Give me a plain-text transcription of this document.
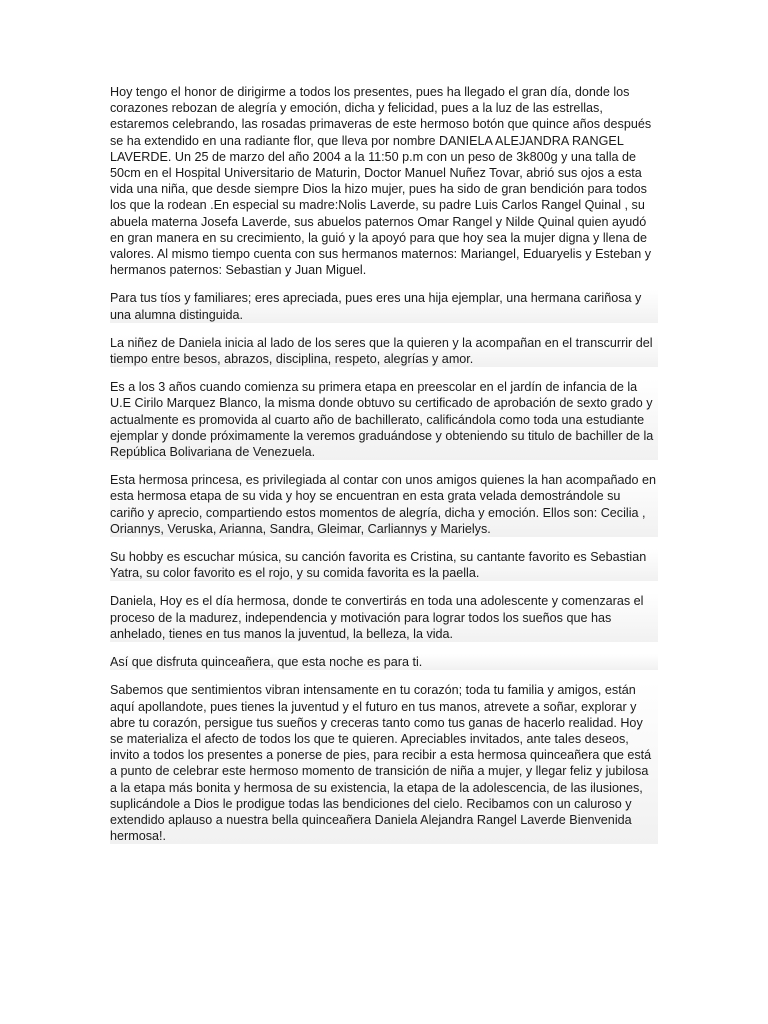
Hoy tengo el honor de dirigirme a todos los presentes, pues ha llegado el gran día, donde los corazones rebozan de alegría y emoción, dicha y felicidad, pues a la luz de las estrellas, estaremos celebrando, las rosadas primaveras de este hermoso botón que quince años después se ha extendido en una radiante flor, que lleva por nombre DANIELA ALEJANDRA RANGEL LAVERDE. Un 25 de marzo del año 2004 a la 11:50 p.m con un peso de 3k800g y una talla de 50cm en el Hospital Universitario de Maturin, Doctor Manuel Nuñez Tovar, abrió sus ojos a esta vida una niña, que desde siempre Dios la hizo mujer, pues ha sido de gran bendición para todos los que la rodean .En especial su madre:Nolis Laverde, su padre Luis Carlos Rangel Quinal , su abuela materna Josefa Laverde, sus abuelos paternos Omar Rangel y Nilde Quinal quien ayudó en gran manera en su crecimiento, la guió y la apoyó para que hoy sea la mujer digna y llena de valores. Al mismo tiempo cuenta con sus hermanos maternos: Mariangel, Eduaryelis y Esteban y hermanos paternos: Sebastian y Juan Miguel.

Para tus tíos y familiares; eres apreciada, pues eres una hija ejemplar, una hermana cariñosa y una alumna distinguida.

La niñez de Daniela inicia al lado de los seres que la quieren y la acompañan en el transcurrir del tiempo entre besos, abrazos, disciplina, respeto, alegrías y amor.

Es a los 3 años cuando comienza su primera etapa en preescolar en el jardín de infancia de la U.E Cirilo Marquez Blanco, la misma donde obtuvo su certificado de aprobación de sexto grado y actualmente es promovida al cuarto año de bachillerato, calificándola como toda una estudiante ejemplar y donde próximamente la veremos graduándose y obteniendo su titulo de bachiller de la República Bolivariana de Venezuela.

Esta hermosa princesa, es privilegiada al contar con unos amigos quienes la han acompañado en esta hermosa etapa de su vida y hoy se encuentran en esta grata velada demostrándole su cariño y aprecio, compartiendo estos momentos de alegría, dicha y emoción. Ellos son: Cecilia , Oriannys, Veruska, Arianna, Sandra, Gleimar, Carliannys y Marielys.

Su hobby es escuchar música, su canción favorita es Cristina, su cantante favorito es Sebastian Yatra, su color favorito es el rojo, y su comida favorita es la paella.

Daniela, Hoy es el día hermosa, donde te convertirás en toda una adolescente y comenzaras el proceso de la madurez, independencia y motivación para lograr todos los sueños que has anhelado, tienes en tus manos la juventud, la belleza, la vida.

Así que disfruta quinceañera, que esta noche es para ti.

Sabemos que sentimientos vibran intensamente en tu corazón; toda tu familia y amigos, están aquí apollandote, pues tienes la juventud y el futuro en tus manos, atrevete a soñar, explorar y abre tu corazón, persigue tus sueños y creceras tanto como tus ganas de hacerlo realidad. Hoy se materializa el afecto de todos los que te quieren. Apreciables invitados, ante tales deseos, invito a todos los presentes a ponerse de pies, para recibir a esta hermosa quinceañera que está a punto de celebrar este hermoso momento de transición de niña a mujer, y llegar feliz y jubilosa a la etapa más bonita y hermosa de su existencia, la etapa de la adolescencia, de las ilusiones, suplicándole a Dios le prodigue todas las bendiciones del cielo. Recibamos con un caluroso y extendido aplauso a nuestra bella quinceañera Daniela Alejandra Rangel Laverde Bienvenida hermosa!.
